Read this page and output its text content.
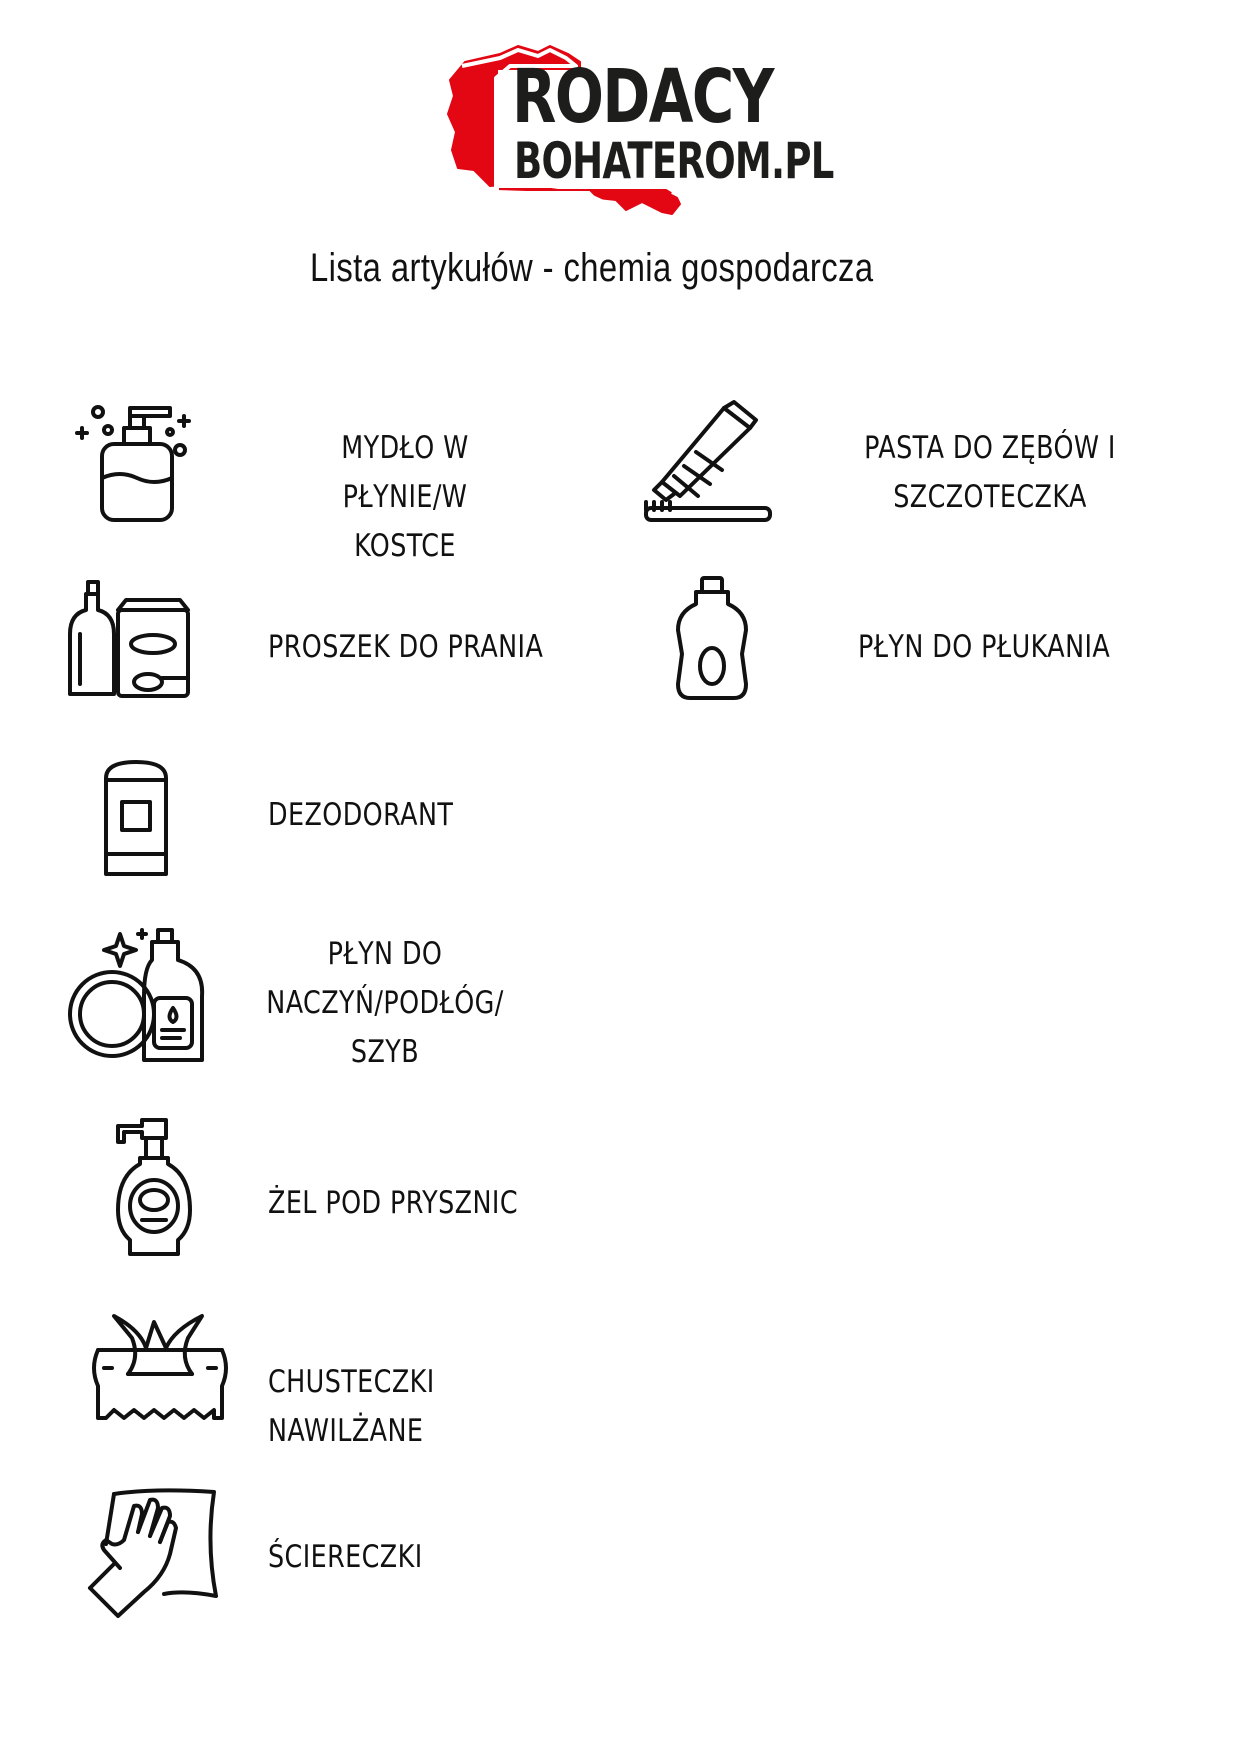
RODACY
BOHATEROM.PL
Lista artykułów - chemia gospodarcza
MYDŁO W PŁYNIE/W
KOSTCE
PASTA DO ZĘBÓW I
SZCZOTECZKA
PROSZEK DO PRANIA	PŁYN DO PŁUKANIA
DEZODORANT
PŁYN DO
NACZYŃ/PODŁÓG/
SZYB
ŻEL POD PRYSZNIC
CHUSTECZKI NAWILŻANE
ŚCIERECZKI
